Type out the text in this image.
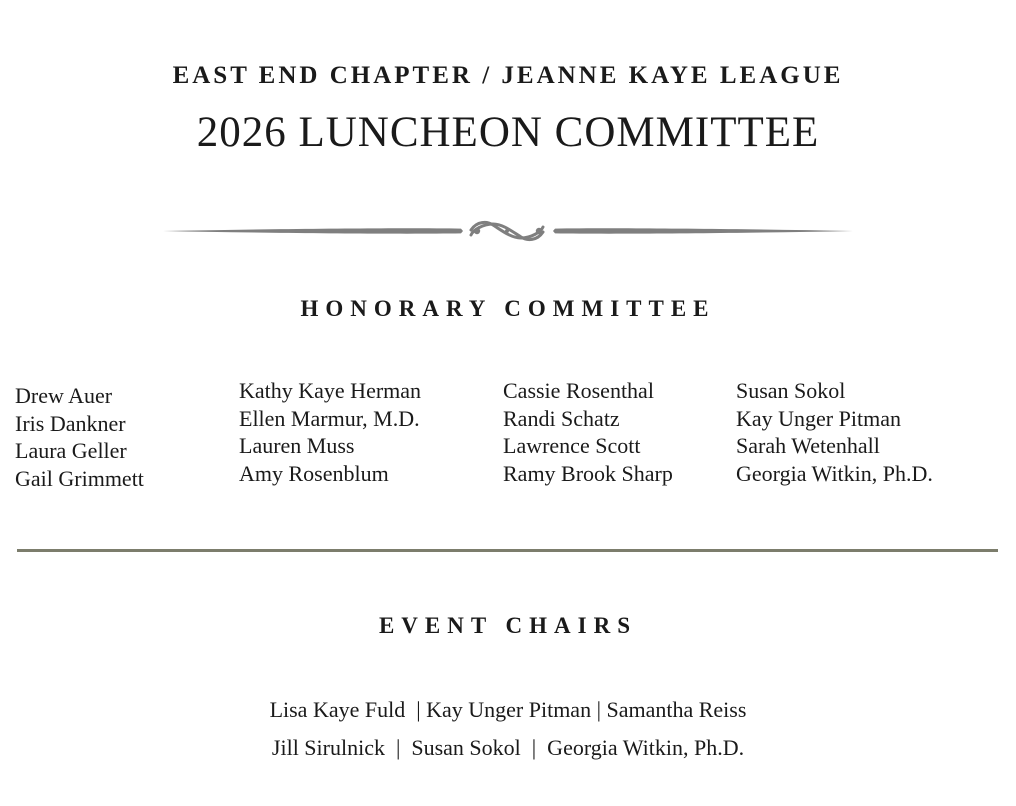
EAST END CHAPTER / JEANNE KAYE LEAGUE
2026 LUNCHEON COMMITTEE
HONORARY COMMITTEE
Drew Auer
Iris Dankner
Laura Geller
Gail Grimmett
Kathy Kaye Herman
Ellen Marmur, M.D.
Lauren Muss
Amy Rosenblum
Cassie Rosenthal
Randi Schatz
Lawrence Scott
Ramy Brook Sharp
Susan Sokol
Kay Unger Pitman
Sarah Wetenhall
Georgia Witkin, Ph.D.
EVENT CHAIRS
Lisa Kaye Fuld  | Kay Unger Pitman | Samantha Reiss
Jill Sirulnick  |  Susan Sokol  |  Georgia Witkin, Ph.D.
